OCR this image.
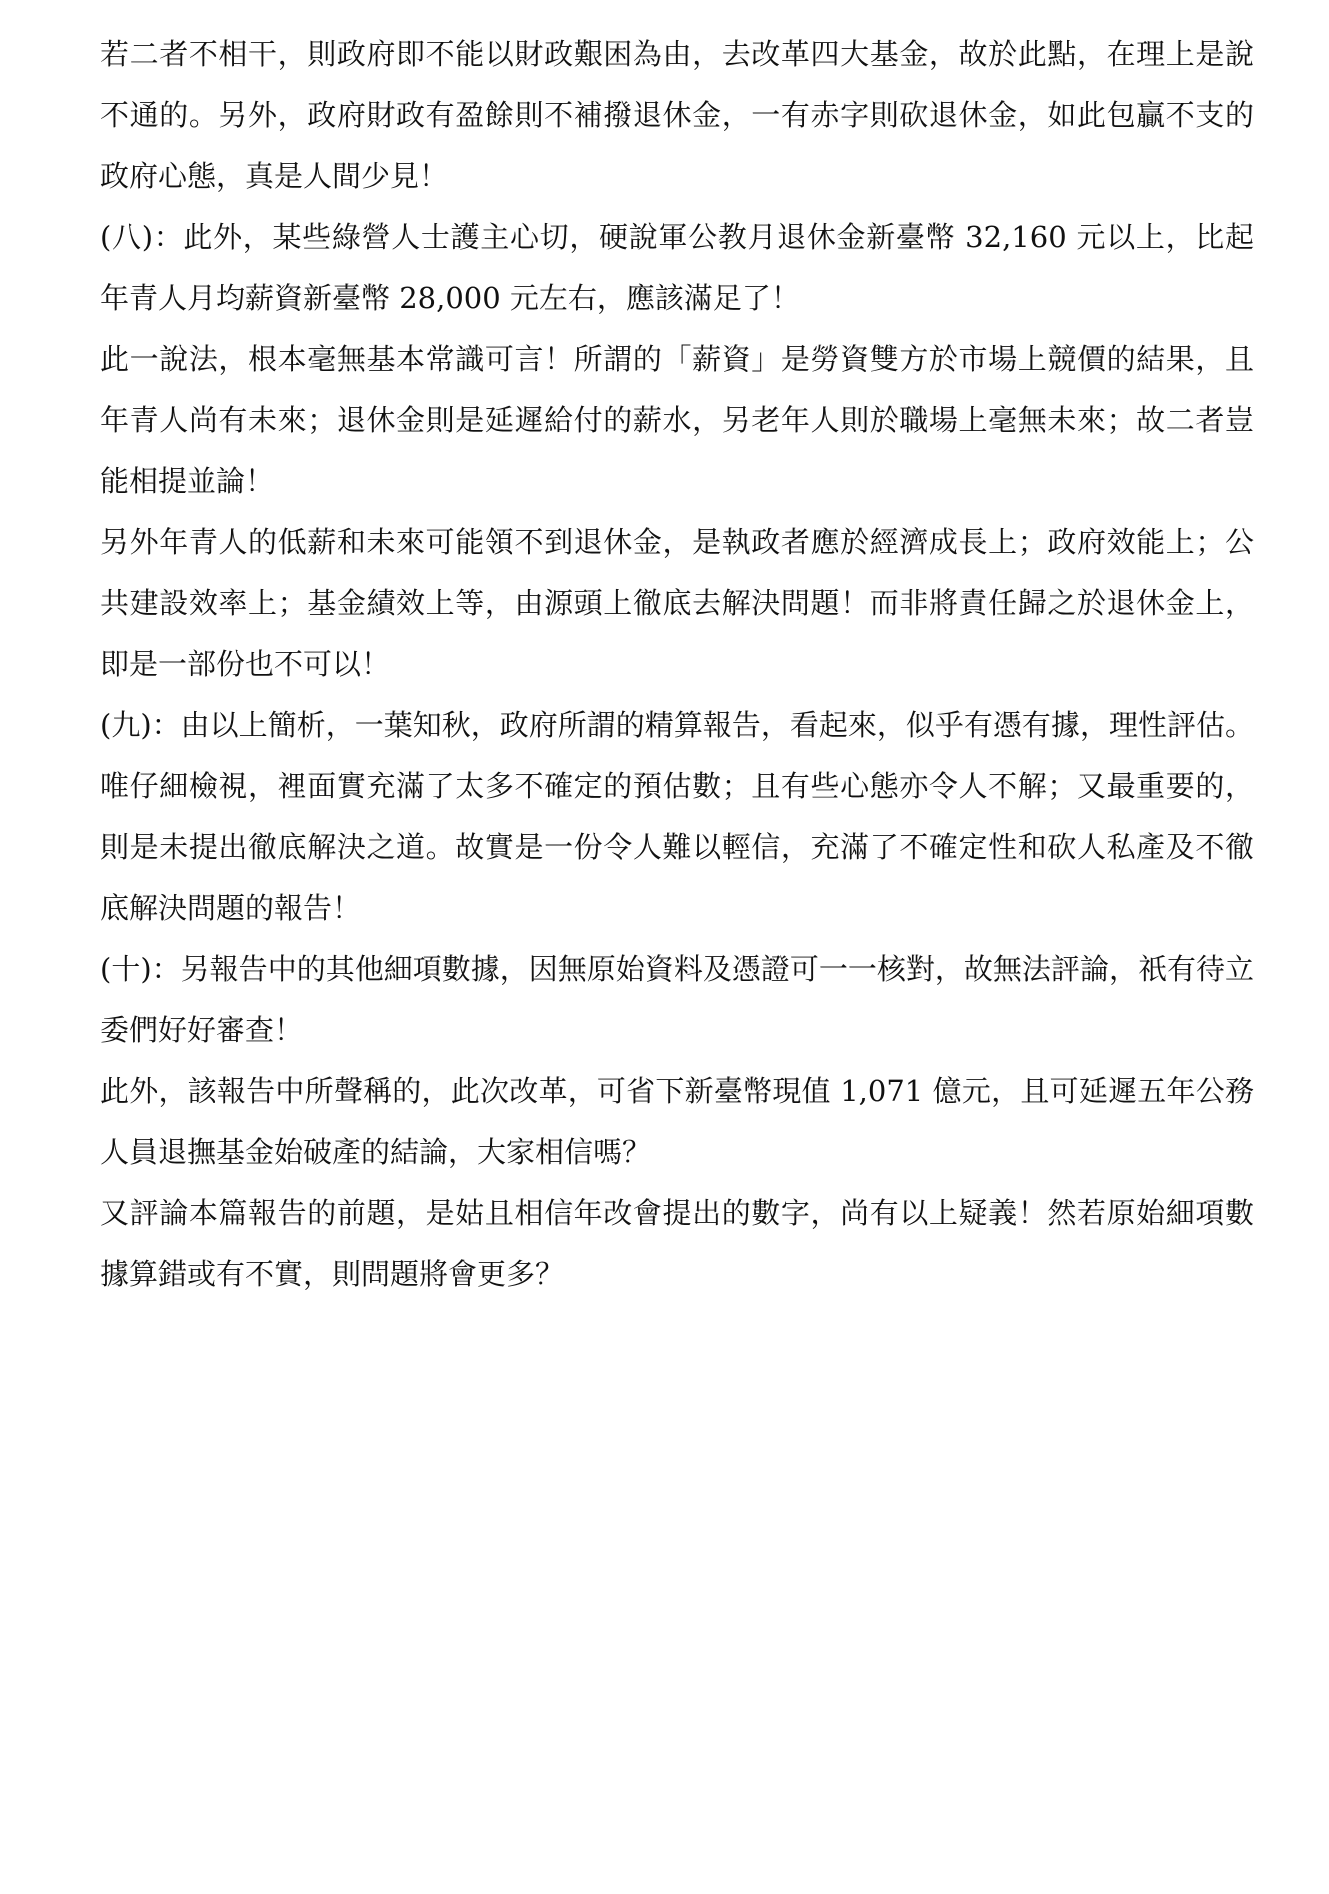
若二者不相干，則政府即不能以財政艱困為由，去改革四大基金，故於此點，在理上是說不通的。另外，政府財政有盈餘則不補撥退休金，一有赤字則砍退休金，如此包贏不支的政府心態，真是人間少見！

(八)：此外，某些綠營人士護主心切，硬說軍公教月退休金新臺幣 32,160 元以上，比起年青人月均薪資新臺幣 28,000 元左右，應該滿足了！

此一說法，根本毫無基本常識可言！所謂的「薪資」是勞資雙方於市場上競價的結果，且年青人尚有未來；退休金則是延遲給付的薪水，另老年人則於職場上毫無未來；故二者豈能相提並論！

另外年青人的低薪和未來可能領不到退休金，是執政者應於經濟成長上；政府效能上；公共建設效率上；基金績效上等，由源頭上徹底去解決問題！而非將責任歸之於退休金上，即是一部份也不可以！

(九)：由以上簡析，一葉知秋，政府所謂的精算報告，看起來，似乎有憑有據，理性評估。唯仔細檢視，裡面實充滿了太多不確定的預估數；且有些心態亦令人不解；又最重要的，則是未提出徹底解決之道。故實是一份令人難以輕信，充滿了不確定性和砍人私產及不徹底解決問題的報告！

(十)：另報告中的其他細項數據，因無原始資料及憑證可一一核對，故無法評論，祇有待立委們好好審查！

此外，該報告中所聲稱的，此次改革，可省下新臺幣現值 1,071 億元，且可延遲五年公務人員退撫基金始破產的結論，大家相信嗎？

又評論本篇報告的前題，是姑且相信年改會提出的數字，尚有以上疑義！然若原始細項數據算錯或有不實，則問題將會更多？
